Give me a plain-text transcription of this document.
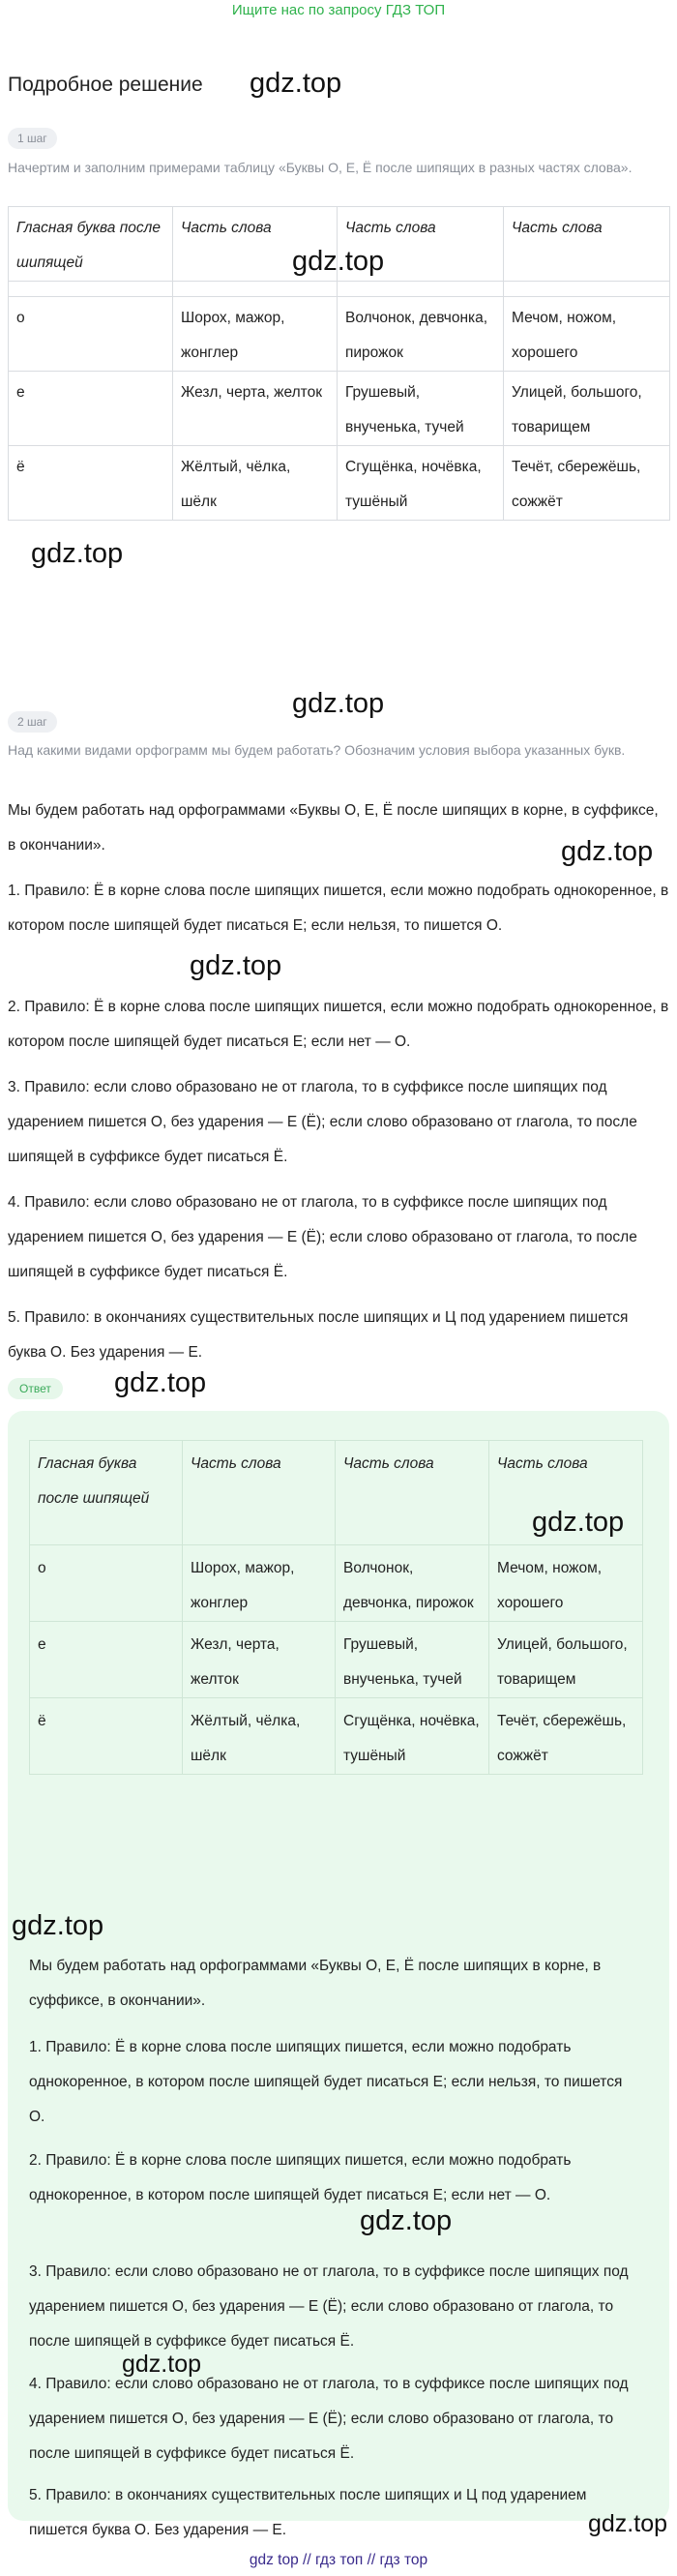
Ищите нас по запросу ГДЗ ТОП
Подробное решение gdz.top
1 шаг
Начертим и заполним примерами таблицу «Буквы О, Е, Ё после шипящих в разных частях слова».
Гласная буква после шипящей	Часть слова	Часть слова	Часть слова

о	Шорох, мажор, жонглер	Волчонок, девчонка, пирожок	Мечом, ножом, хорошего
е	Жезл, черта, желток	Грушевый, внученька, тучей	Улицей, большого, товарищем
ё	Жёлтый, чёлка, шёлк	Сгущёнка, ночёвка, тушёный	Течёт, сбережёшь, сожжёт
gdz.top
gdz.top
gdz.top
2 шаг
Над какими видами орфограмм мы будем работать? Обозначим условия выбора указанных букв.
Мы будем работать над орфограммами «Буквы О, Е, Ё после шипящих в корне, в суффиксе, в окончании».	gdz.top
1. Правило: Ё в корне слова после шипящих пишется, если можно подобрать однокоренное, в котором после шипящей будет писаться Е; если нельзя, то пишется О.
gdz.top
2. Правило: Ё в корне слова после шипящих пишется, если можно подобрать однокоренное, в котором после шипящей будет писаться Е; если нет — О.
3. Правило: если слово образовано не от глагола, то в суффиксе после шипящих под ударением пишется О, без ударения — Е (Ё); если слово образовано от глагола, то после шипящей в суффиксе будет писаться Ё.
4. Правило: если слово образовано не от глагола, то в суффиксе после шипящих под ударением пишется О, без ударения — Е (Ё); если слово образовано от глагола, то после шипящей в суффиксе будет писаться Ё.
5. Правило: в окончаниях существительных после шипящих и Ц под ударением пишется буква О. Без ударения — Е.
Ответ	gdz.top
Гласная буква после шипящей	Часть слова	Часть слова	Часть слова
о	Шорох, мажор, жонглер	Волчонок, девчонка, пирожок	Мечом, ножом, хорошего
е	Жезл, черта, желток	Грушевый, внученька, тучей	Улицей, большого, товарищем
ё	Жёлтый, чёлка, шёлк	Сгущёнка, ночёвка, тушёный	Течёт, сбережёшь, сожжёт
gdz.top
gdz.top
Мы будем работать над орфограммами «Буквы О, Е, Ё после шипящих в корне, в суффиксе, в окончании».
1. Правило: Ё в корне слова после шипящих пишется, если можно подобрать однокоренное, в котором после шипящей будет писаться Е; если нельзя, то пишется О.
2. Правило: Ё в корне слова после шипящих пишется, если можно подобрать однокоренное, в котором после шипящей будет писаться Е; если нет — О.
gdz.top
3. Правило: если слово образовано не от глагола, то в суффиксе после шипящих под ударением пишется О, без ударения — Е (Ё); если слово образовано от глагола, то после шипящей в суффиксе будет писаться Ё.
gdz.top
4. Правило: если слово образовано не от глагола, то в суффиксе после шипящих под ударением пишется О, без ударения — Е (Ё); если слово образовано от глагола, то после шипящей в суффиксе будет писаться Ё.
5. Правило: в окончаниях существительных после шипящих и Ц под ударением пишется буква О. Без ударения — Е.	gdz.top
gdz top // гдз топ // гдз тор
